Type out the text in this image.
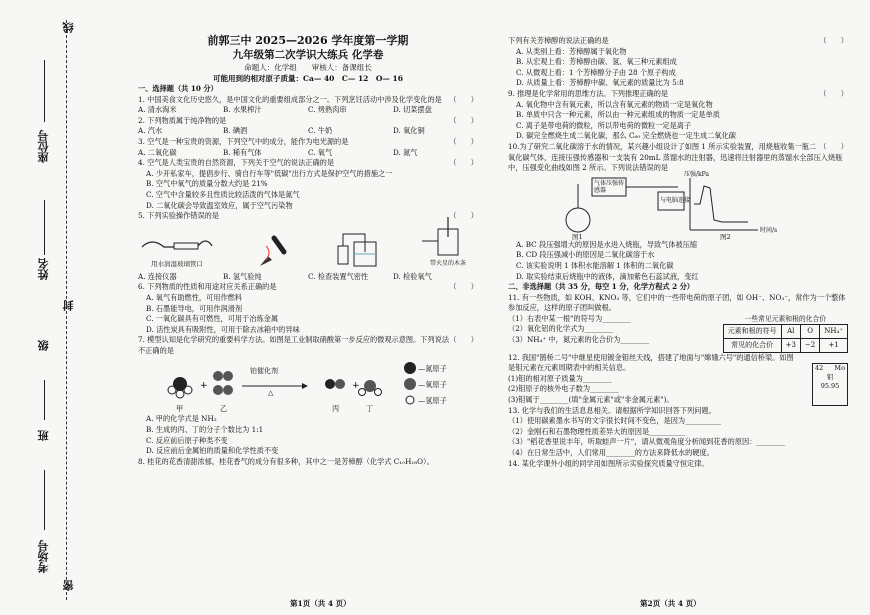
线
封
密
座位号
姓名
级
班
考场号
前郭三中 2025—2026 学年度第一学期
九年级第二次学识大练兵 化学卷
命题人：化学组　　审核人：备课组长
可能用到的相对原子质量：Ca— 40　C— 12　O— 16
一、选择题（共 10 分）
（　　）
1. 中国美食文化历史悠久，是中国文化的重要组成部分之一。下列烹饪活动中涉及化学变化的是
A. 清水淘米	B. 水果榨汁	C. 烤熟肉串	D. 切菜摆盘
（　　）
2. 下列物质属于纯净物的是
A. 汽水	B. 碘酒	C. 牛奶	D. 氧化铜
（　　）
3. 空气是一种宝贵的资源，下列空气中的成分，能作为电光源的是
A. 二氧化碳	B. 稀有气体	C. 氧气	D. 氮气
（　　）
4. 空气是人类宝贵的自然资源，下列关于空气的说法正确的是
A. 少开私家车，提倡步行、骑自行车等"低碳"出行方式是保护空气的措施之一
B. 空气中氧气的质量分数大约是 21%
C. 空气中含量较多且性质比较活泼的气体是氮气
D. 二氧化碳会导致温室效应，属于空气污染物
（　　）
5. 下列实验操作错误的是
用水润湿玻璃管口	带火星的木条
A. 连接仪器	B. 氢气验纯	C. 检查装置气密性	D. 检验氧气
（　　）
6. 下列物质的性质和用途对应关系正确的是
A. 氧气有助燃性，可用作燃料
B. 石墨能导电，可用作润滑剂
C. 一氧化碳具有可燃性，可用于冶炼金属
D. 活性炭具有吸附性，可用于除去冰箱中的异味
（　　）
7. 模型认知是化学研究的重要科学方法。如图是工业制取硝酸第一步反应的微观示意图。下列说法不正确的是
+	+
铂催化剂
△
甲	乙	丙	丁
—氮原子
—氧原子
—氢原子
A. 甲的化学式是 NH₃
B. 生成的丙、丁的分子个数比为 1:1
C. 反应前后原子种类不变
D. 反应前后金属铂的质量和化学性质不变
8. 桂花的花香清甜浓郁，桂花香气的成分有很多种，其中之一是芳樟醇（化学式 C₁₀H₁₈O）。
（　　）
下列有关芳樟醇的说法正确的是
A. 从类别上看：芳樟醇属于氧化物
B. 从宏观上看：芳樟醇由碳、氢、氧三种元素组成
C. 从微观上看：1 个芳樟醇分子由 28 个原子构成
D. 从质量上看：芳樟醇中碳、氧元素的质量比为 5:8
（　　）
9. 推理是化学常用的思维方法。下列推理正确的是
A. 氧化物中含有氧元素，所以含有氧元素的物质一定是氧化物
B. 单质中只含一种元素，所以由一种元素组成的物质一定是单质
C. 离子是带电荷的微粒，所以带电荷的微粒一定是离子
D. 碳完全燃烧生成二氧化碳，那么 C₆₀ 完全燃烧也一定生成二氧化碳
（　　）
10.为了研究二氧化碳溶于水的情况，某兴趣小组设计了如图 1 所示实验装置，用烧瓶收集一瓶二氧化碳气体，连接压强传感器和一支装有 20mL 蒸馏水的注射器，迅速将注射器里的蒸馏水全部压入烧瓶中，压强变化曲线如图 2 所示。下列说法错误的是
气体压强传感器
与电脑连接
图1	图2
压强/kPa
时间/s
A. BC 段压强增大的原因是水进入烧瓶，导致气体被压缩
B. CD 段压强减小的原因是二氧化碳溶于水
C. 该实验说明 1 体积水能溶解 1 体积的二氧化碳
D. 取实验结束后烧瓶中的液体，滴加紫色石蕊试液，变红
二、非选择题（共 35 分，每空 1 分，化学方程式 2 分）
11. 有一些物质，如 KOH、KNO₃ 等，它们中的一些带电荷的原子团，如 OH⁻、NO₃⁻，常作为一个整体参加反应，这样的原子团叫做根。
（1）右表中某一根"的符号为________
（2）氧化铝的化学式为________
（3）NH₄⁺ 中，氮元素的化合价为________
一些常见元素和根的化合价
元素和根的符号	Al	O	NH₄⁺
常见的化合价	+3	−2	+1
12. 我国"鹊桥二号"中继星使用镀金钼丝天线，搭建了地面与"嫦娥六号"的通信桥梁。如图是钼元素在元素周期表中的相关信息。
(1)钼的相对原子质量为________
(2)钼原子的核外电子数为________
(3)钼属于________(填"金属元素"或"非金属元素")。
42 Mo
钼
95.95
13. 化学与我们的生活息息相关。请根据所学知识回答下列问题。
（1）使用碳素墨水书写的文字很长时间不变色，是因为__________
（2）金刚石和石墨物理性质差异大的原因是__________
（3）"稻花香里说丰年，听取蛙声一片"，请从微观角度分析闻到花香的原因：________
（4）在日常生活中，人们常用________的方法来降低水的硬度。
14. 某化学课外小组的同学用如图所示实验探究质量守恒定律。
第1页（共 4 页）	第2页（共 4 页）
